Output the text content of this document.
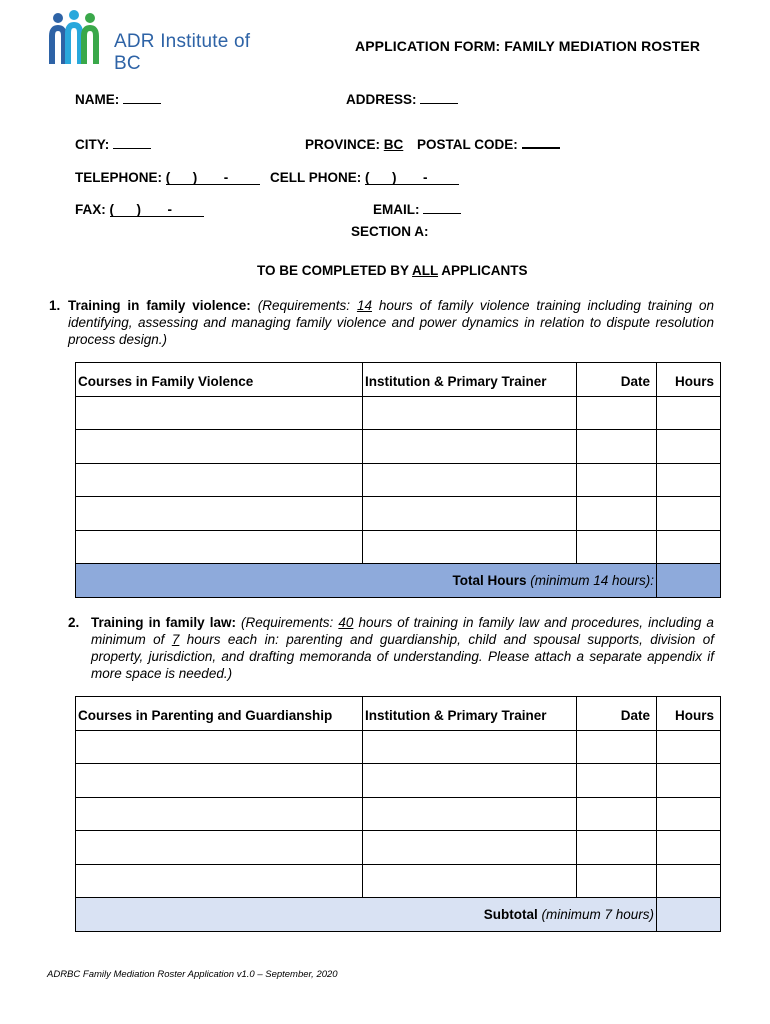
ADR Institute of BC
APPLICATION FORM: FAMILY MEDIATION ROSTER
NAME:	ADDRESS:
CITY:	PROVINCE: BC POSTAL CODE:
TELEPHONE: ( ) -	CELL PHONE: ( ) -
FAX: ( ) -	EMAIL:
SECTION A:
TO BE COMPLETED BY ALL APPLICANTS
1. Training in family violence: (Requirements: 14 hours of family violence training including training on identifying, assessing and managing family violence and power dynamics in relation to dispute resolution process design.)
Courses in Family Violence	Institution & Primary Trainer	Date	Hours

Total Hours (minimum 14 hours):			
2. Training in family law: (Requirements: 40 hours of training in family law and procedures, including a minimum of 7 hours each in: parenting and guardianship, child and spousal supports, division of property, jurisdiction, and drafting memoranda of understanding. Please attach a separate appendix if more space is needed.)
Courses in Parenting and Guardianship	Institution & Primary Trainer	Date	Hours

Subtotal (minimum 7 hours)			
ADRBC Family Mediation Roster Application v1.0 – September, 2020
